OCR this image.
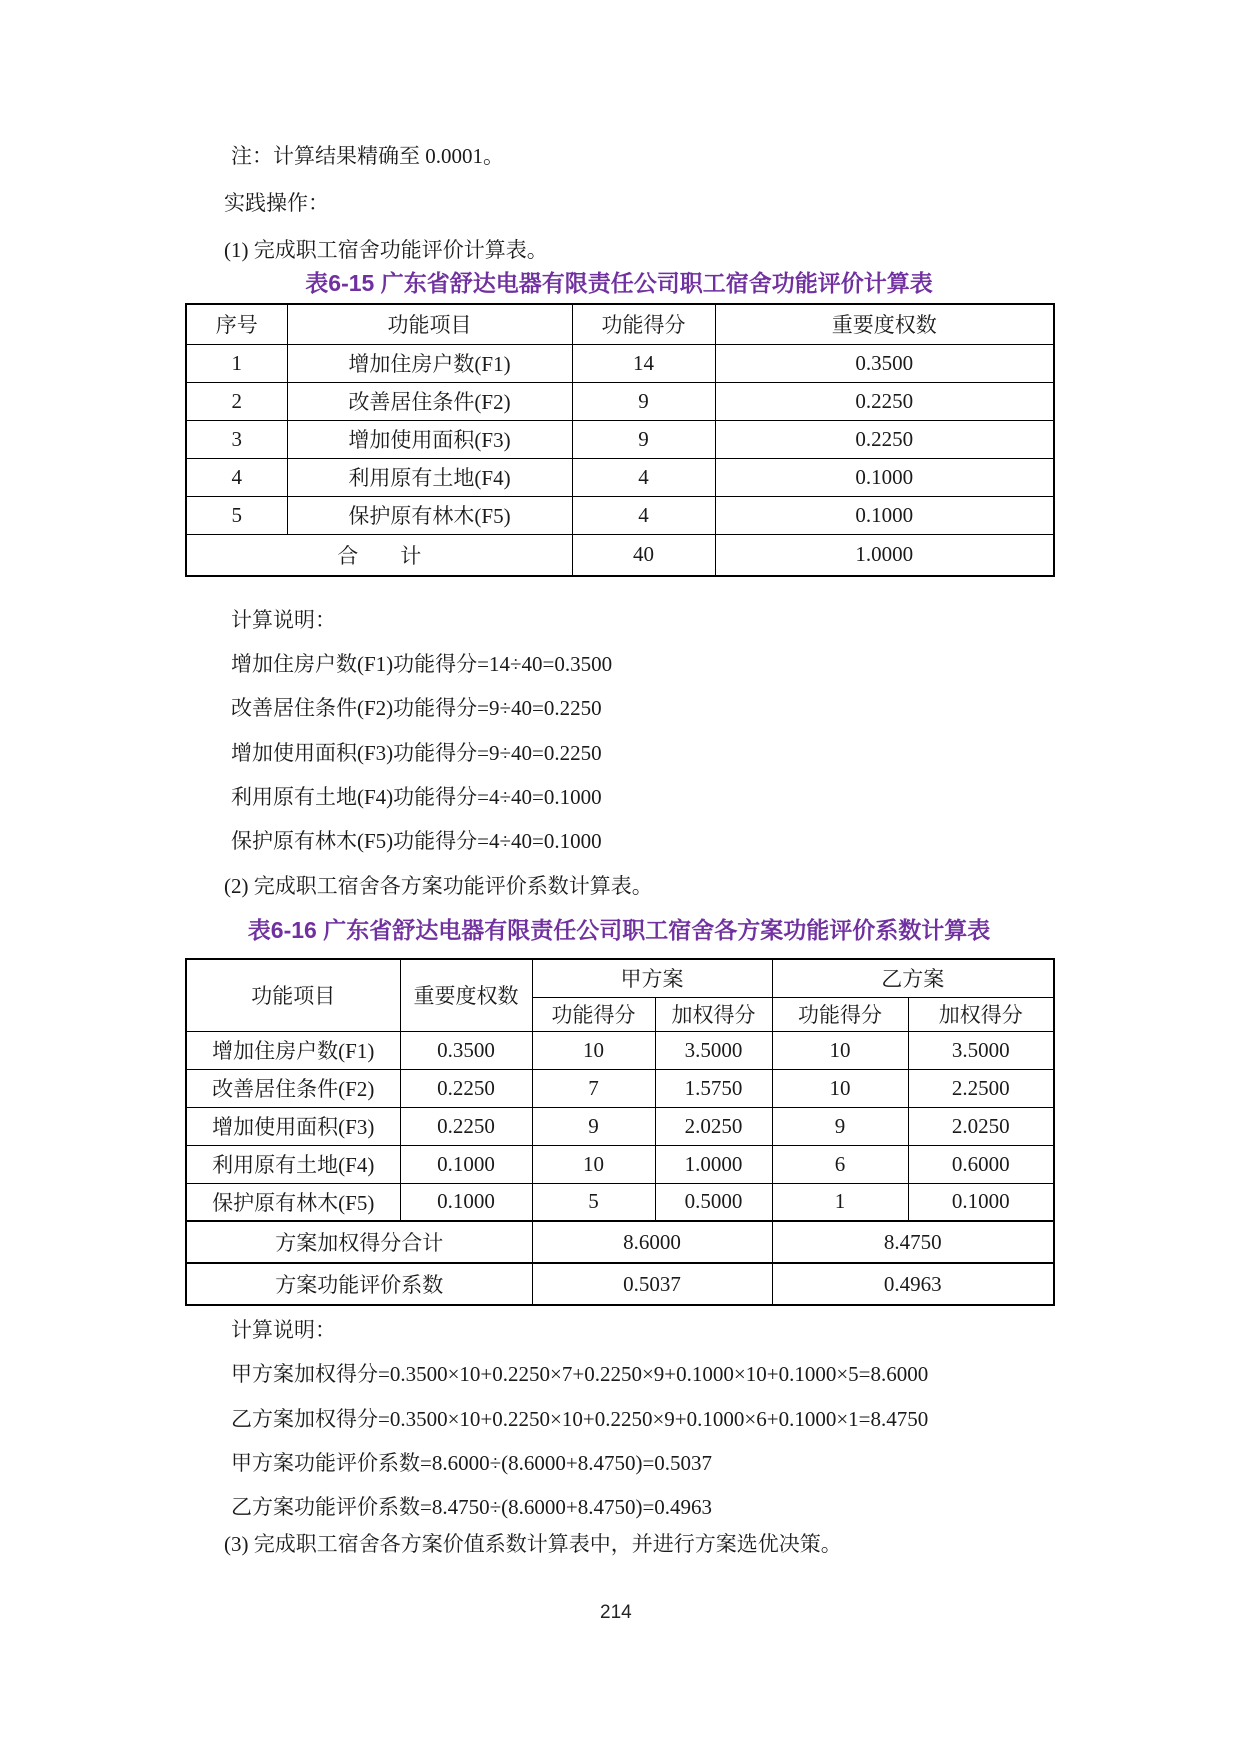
注：计算结果精确至 0.0001。
实践操作：
(1) 完成职工宿舍功能评价计算表。
表6-15 广东省舒达电器有限责任公司职工宿舍功能评价计算表
序号	功能项目	功能得分	重要度权数
1	增加住房户数(F1)	14	0.3500
2	改善居住条件(F2)	9	0.2250
3	增加使用面积(F3)	9	0.2250
4	利用原有土地(F4)	4	0.1000
5	保护原有林木(F5)	4	0.1000
合　　计		40	1.0000
计算说明：
增加住房户数(F1)功能得分=14÷40=0.3500
改善居住条件(F2)功能得分=9÷40=0.2250
增加使用面积(F3)功能得分=9÷40=0.2250
利用原有土地(F4)功能得分=4÷40=0.1000
保护原有林木(F5)功能得分=4÷40=0.1000
(2) 完成职工宿舍各方案功能评价系数计算表。
表6-16 广东省舒达电器有限责任公司职工宿舍各方案功能评价系数计算表
功能项目	重要度权数	甲方案		乙方案	
		功能得分	加权得分	功能得分	加权得分
增加住房户数(F1)	0.3500	10	3.5000	10	3.5000
改善居住条件(F2)	0.2250	7	1.5750	10	2.2500
增加使用面积(F3)	0.2250	9	2.0250	9	2.0250
利用原有土地(F4)	0.1000	10	1.0000	6	0.6000
保护原有林木(F5)	0.1000	5	0.5000	1	0.1000
方案加权得分合计		8.6000		8.4750	
方案功能评价系数		0.5037		0.4963	
计算说明：
甲方案加权得分=0.3500×10+0.2250×7+0.2250×9+0.1000×10+0.1000×5=8.6000
乙方案加权得分=0.3500×10+0.2250×10+0.2250×9+0.1000×6+0.1000×1=8.4750
甲方案功能评价系数=8.6000÷(8.6000+8.4750)=0.5037
乙方案功能评价系数=8.4750÷(8.6000+8.4750)=0.4963
(3) 完成职工宿舍各方案价值系数计算表中，并进行方案选优决策。
214
